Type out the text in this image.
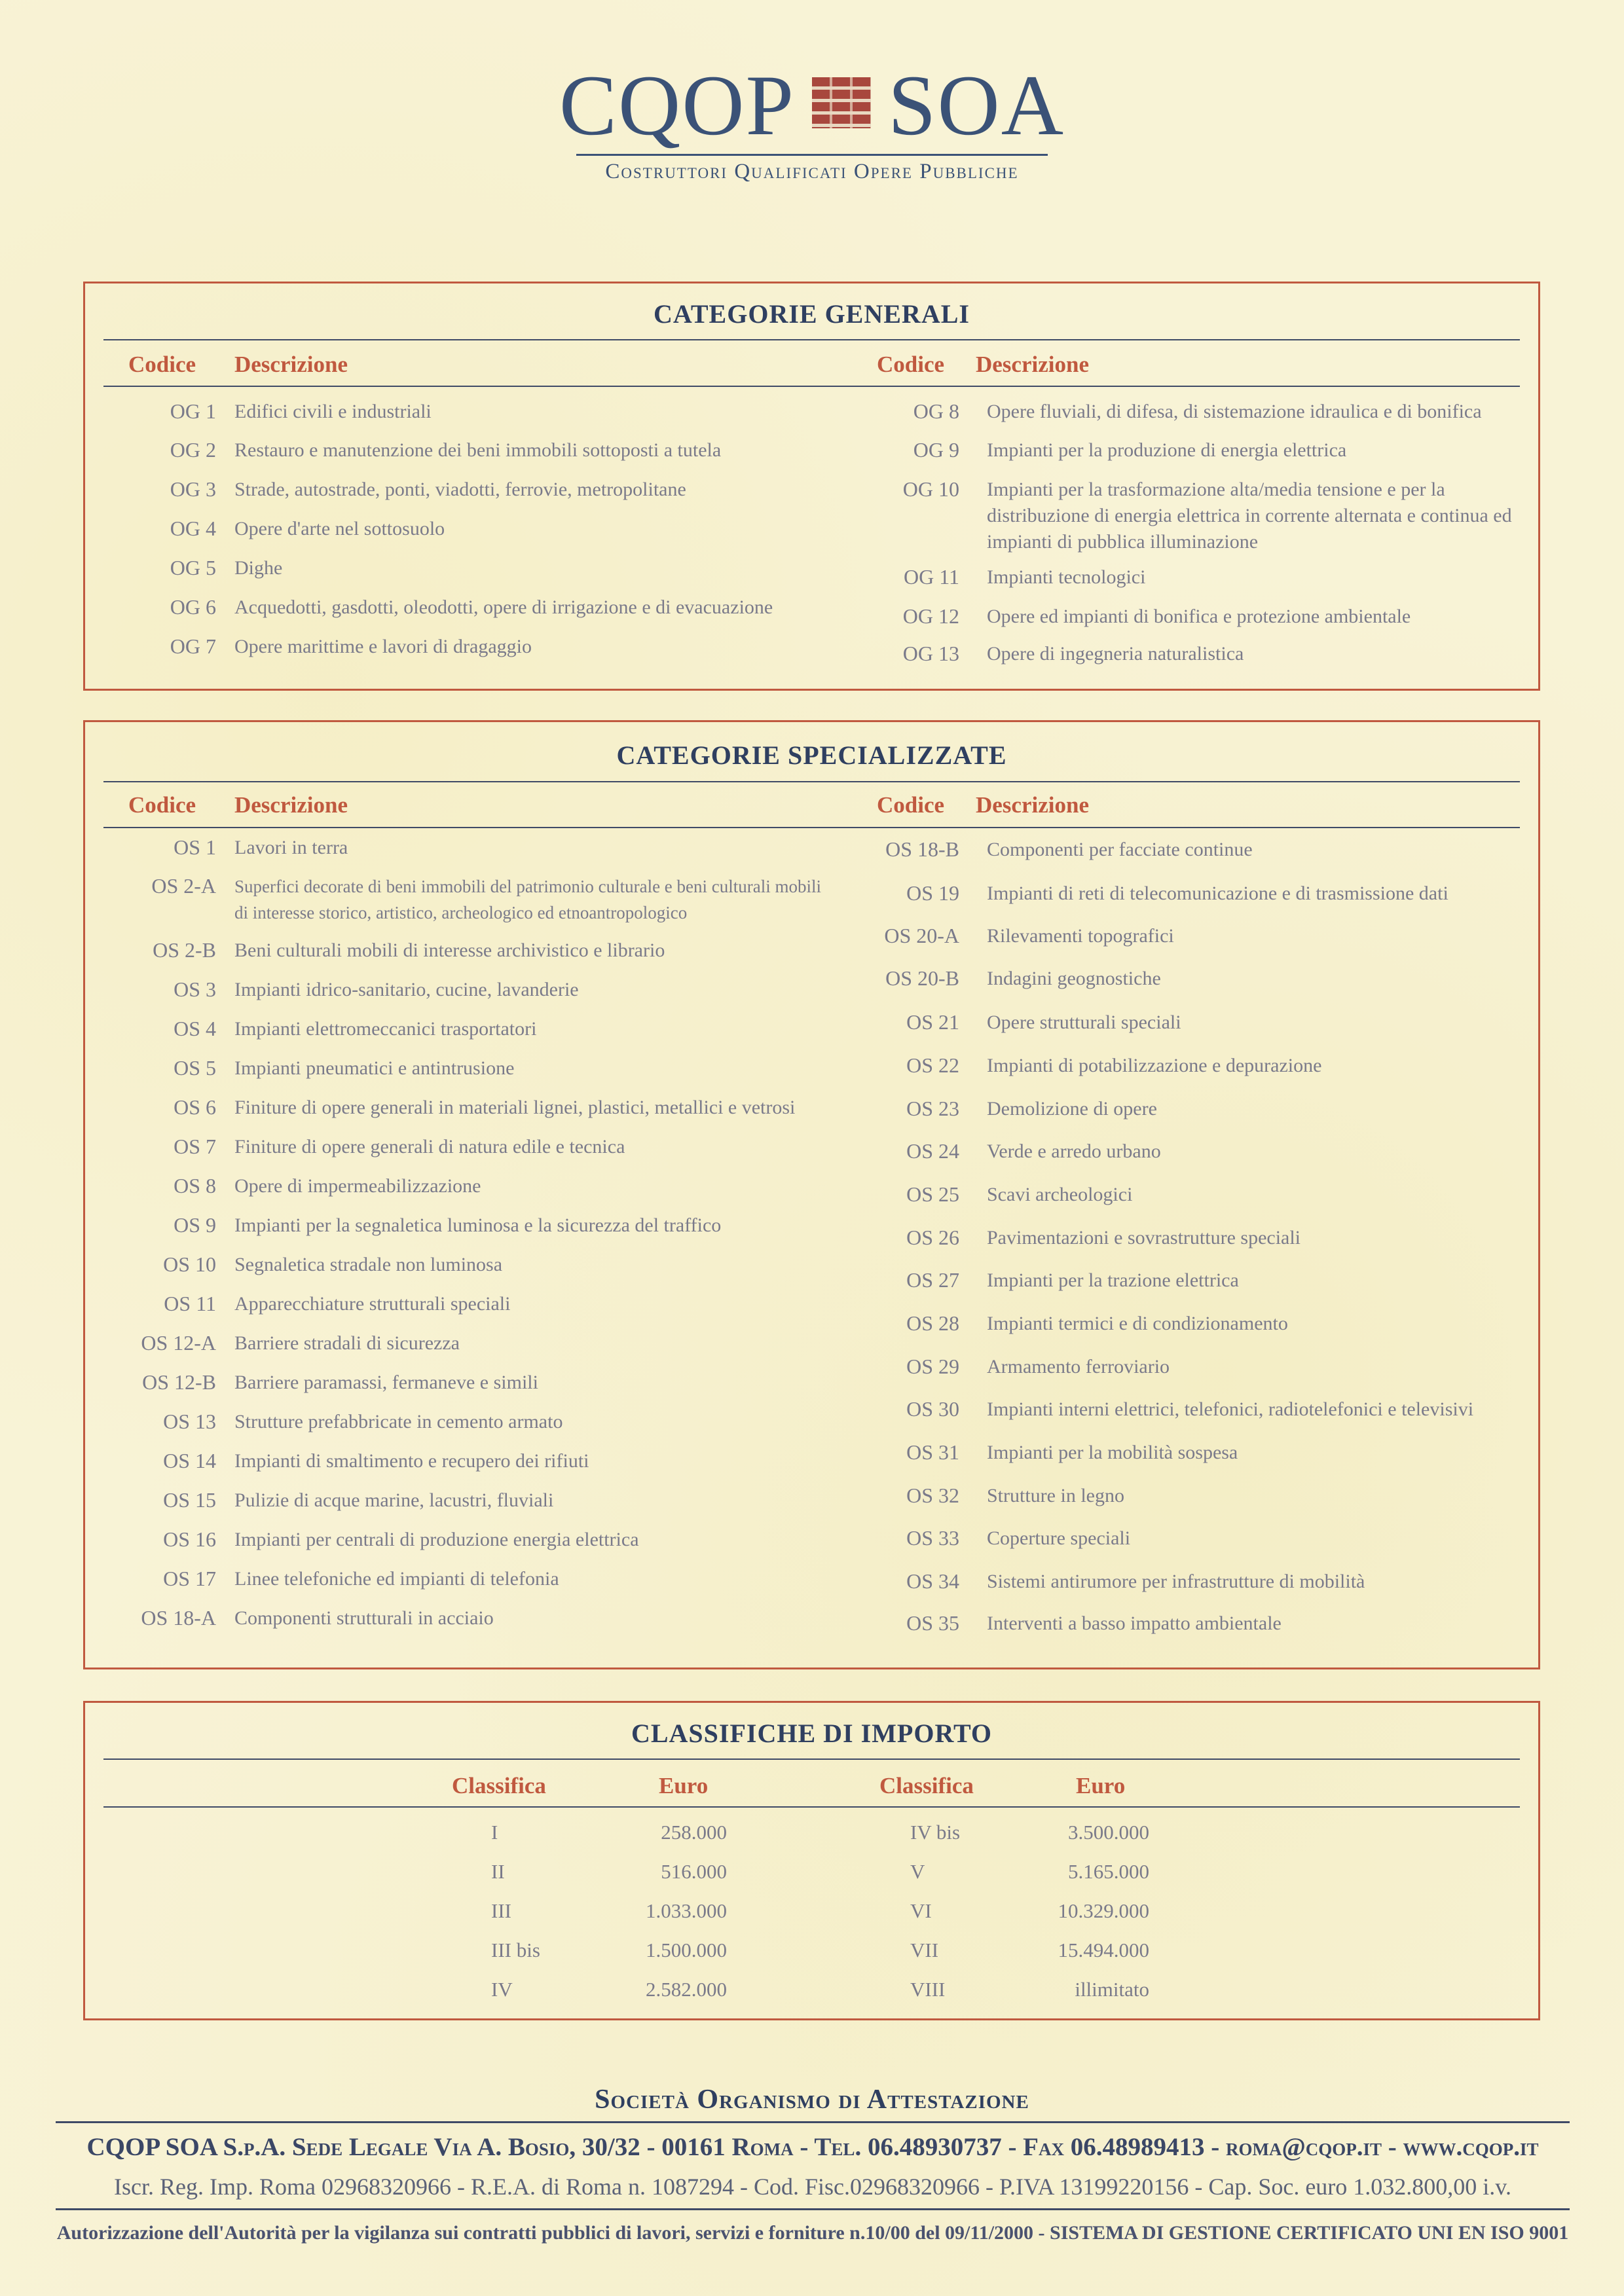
CQOP SOA
Costruttori Qualificati Opere Pubbliche
CATEGORIE GENERALI
Codice Descrizione	Codice Descrizione
OG 1 Edifici civili e industriali
OG 2 Restauro e manutenzione dei beni immobili sottoposti a tutela
OG 3 Strade, autostrade, ponti, viadotti, ferrovie, metropolitane
OG 4 Opere d'arte nel sottosuolo
OG 5 Dighe
OG 6 Acquedotti, gasdotti, oleodotti, opere di irrigazione e di evacuazione
OG 7 Opere marittime e lavori di dragaggio
OG 8 Opere fluviali, di difesa, di sistemazione idraulica e di bonifica
OG 9 Impianti per la produzione di energia elettrica
OG 10 Impianti per la trasformazione alta/media tensione e per la distribuzione di energia elettrica in corrente alternata e continua ed impianti di pubblica illuminazione
OG 11 Impianti tecnologici
OG 12 Opere ed impianti di bonifica e protezione ambientale
OG 13 Opere di ingegneria naturalistica
CATEGORIE SPECIALIZZATE
Codice Descrizione	Codice Descrizione
OS 1 Lavori in terra
OS 2-A Superfici decorate di beni immobili del patrimonio culturale e beni culturali mobili di interesse storico, artistico, archeologico ed etnoantropologico
OS 2-B Beni culturali mobili di interesse archivistico e librario
OS 3 Impianti idrico-sanitario, cucine, lavanderie
OS 4 Impianti elettromeccanici trasportatori
OS 5 Impianti pneumatici e antintrusione
OS 6 Finiture di opere generali in materiali lignei, plastici, metallici e vetrosi
OS 7 Finiture di opere generali di natura edile e tecnica
OS 8 Opere di impermeabilizzazione
OS 9 Impianti per la segnaletica luminosa e la sicurezza del traffico
OS 10 Segnaletica stradale non luminosa
OS 11 Apparecchiature strutturali speciali
OS 12-A Barriere stradali di sicurezza
OS 12-B Barriere paramassi, fermaneve e simili
OS 13 Strutture prefabbricate in cemento armato
OS 14 Impianti di smaltimento e recupero dei rifiuti
OS 15 Pulizie di acque marine, lacustri, fluviali
OS 16 Impianti per centrali di produzione energia elettrica
OS 17 Linee telefoniche ed impianti di telefonia
OS 18-A Componenti strutturali in acciaio
OS 18-B Componenti per facciate continue
OS 19 Impianti di reti di telecomunicazione e di trasmissione dati
OS 20-A Rilevamenti topografici
OS 20-B Indagini geognostiche
OS 21 Opere strutturali speciali
OS 22 Impianti di potabilizzazione e depurazione
OS 23 Demolizione di opere
OS 24 Verde e arredo urbano
OS 25 Scavi archeologici
OS 26 Pavimentazioni e sovrastrutture speciali
OS 27 Impianti per la trazione elettrica
OS 28 Impianti termici e di condizionamento
OS 29 Armamento ferroviario
OS 30 Impianti interni elettrici, telefonici, radiotelefonici e televisivi
OS 31 Impianti per la mobilità sospesa
OS 32 Strutture in legno
OS 33 Coperture speciali
OS 34 Sistemi antirumore per infrastrutture di mobilità
OS 35 Interventi a basso impatto ambientale
CLASSIFICHE DI IMPORTO
Classifica	Euro	Classifica	Euro
I	258.000
II	516.000
III	1.033.000
III bis	1.500.000
IV	2.582.000
IV bis	3.500.000
V	5.165.000
VI	10.329.000
VII	15.494.000
VIII	illimitato
Società Organismo di Attestazione
CQOP SOA S.p.A. Sede Legale Via A. Bosio, 30/32 - 00161 Roma - Tel. 06.48930737 - Fax 06.48989413 - roma@cqop.it - www.cqop.it
Iscr. Reg. Imp. Roma 02968320966 - R.E.A. di Roma n. 1087294 - Cod. Fisc.02968320966 - P.IVA 13199220156 - Cap. Soc. euro 1.032.800,00 i.v.
Autorizzazione dell'Autorità per la vigilanza sui contratti pubblici di lavori, servizi e forniture n.10/00 del 09/11/2000 - SISTEMA DI GESTIONE CERTIFICATO UNI EN ISO 9001
